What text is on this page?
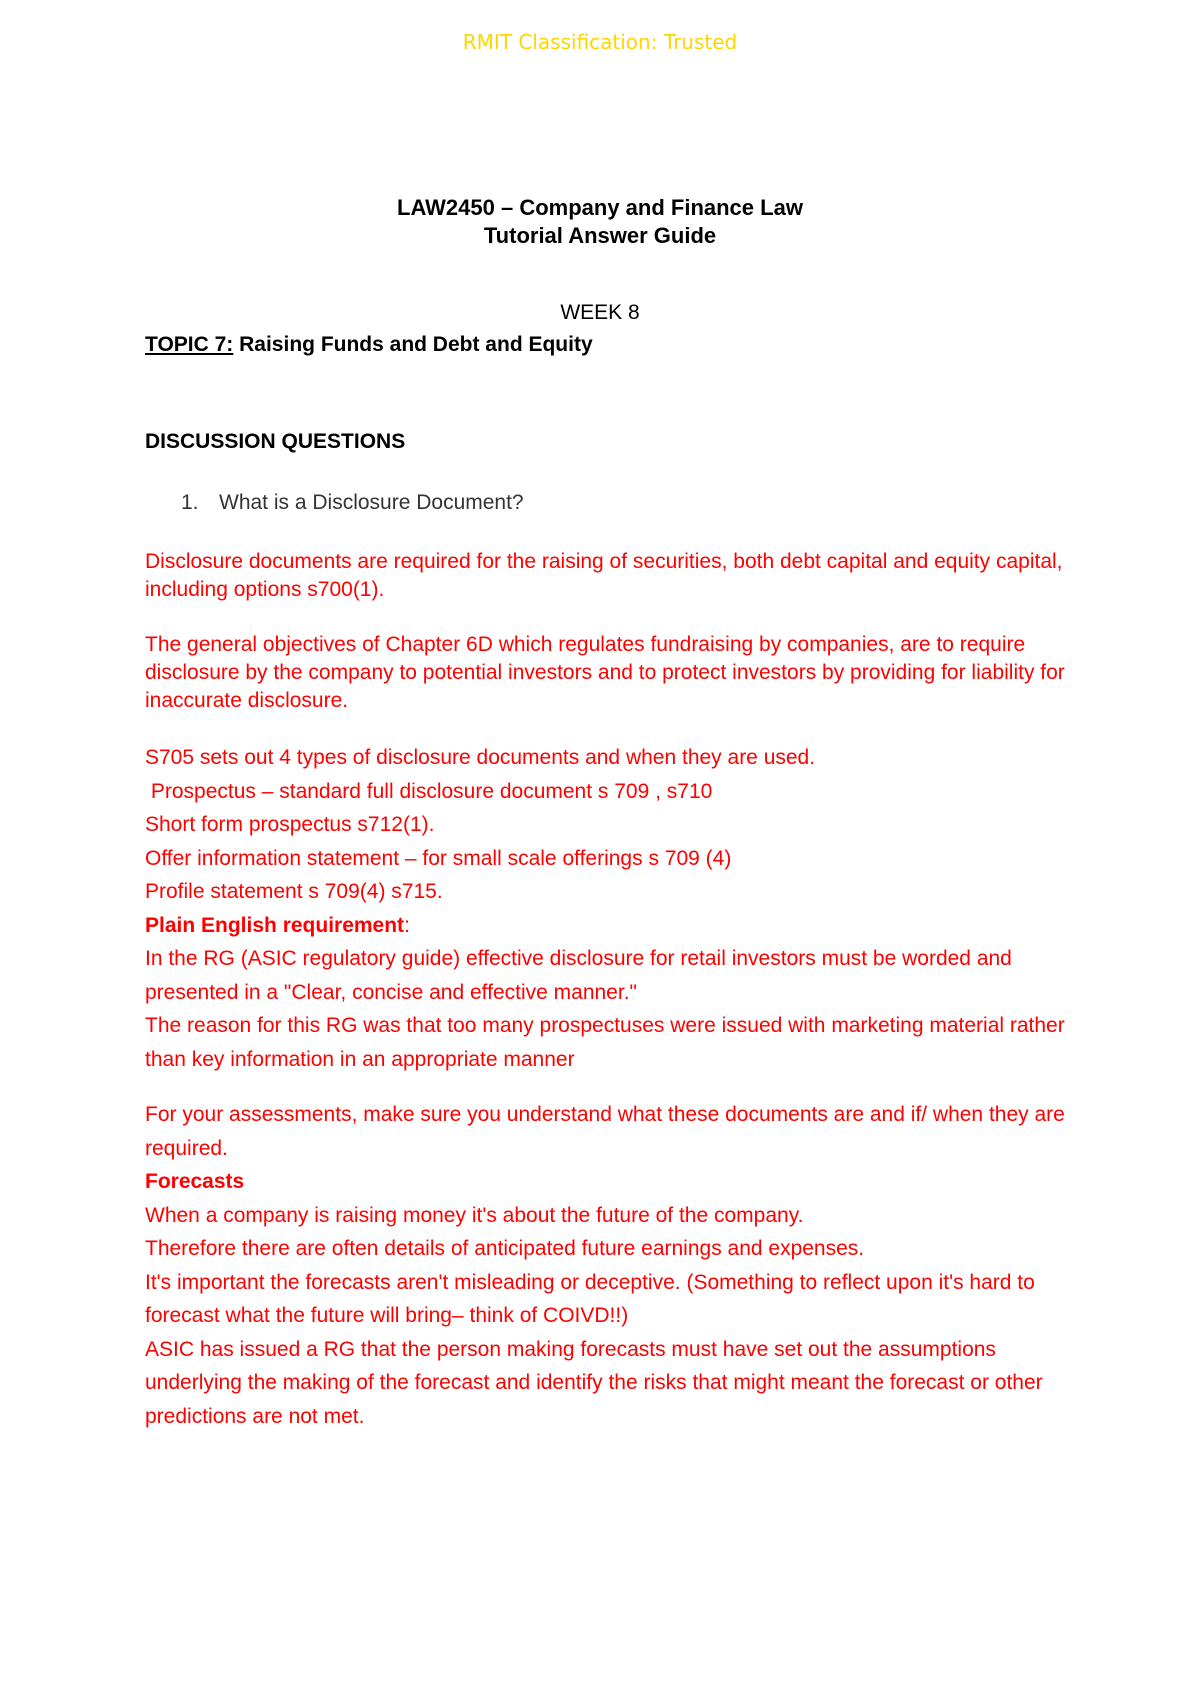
RMIT Classification: Trusted
LAW2450 – Company and Finance Law
Tutorial Answer Guide
WEEK 8
TOPIC 7: Raising Funds and Debt and Equity
DISCUSSION QUESTIONS
1. What is a Disclosure Document?

Disclosure documents are required for the raising of securities, both debt capital and equity capital, including options s700(1).

The general objectives of Chapter 6D which regulates fundraising by companies, are to require disclosure by the company to potential investors and to protect investors by providing for liability for inaccurate disclosure.

S705 sets out 4 types of disclosure documents and when they are used.

Prospectus – standard full disclosure document s 709 , s710

Short form prospectus s712(1).

Offer information statement – for small scale offerings s 709 (4)

Profile statement s 709(4) s715.

Plain English requirement:

In the RG (ASIC regulatory guide) effective disclosure for retail investors must be worded and presented in a "Clear, concise and effective manner."

The reason for this RG was that too many prospectuses were issued with marketing material rather than key information in an appropriate manner

For your assessments, make sure you understand what these documents are and if/ when they are required.

Forecasts

When a company is raising money it's about the future of the company.

Therefore there are often details of anticipated future earnings and expenses.

It's important the forecasts aren't misleading or deceptive. (Something to reflect upon it's hard to forecast what the future will bring– think of COIVD!!)

ASIC has issued a RG that the person making forecasts must have set out the assumptions underlying the making of the forecast and identify the risks that might meant the forecast or other predictions are not met.
